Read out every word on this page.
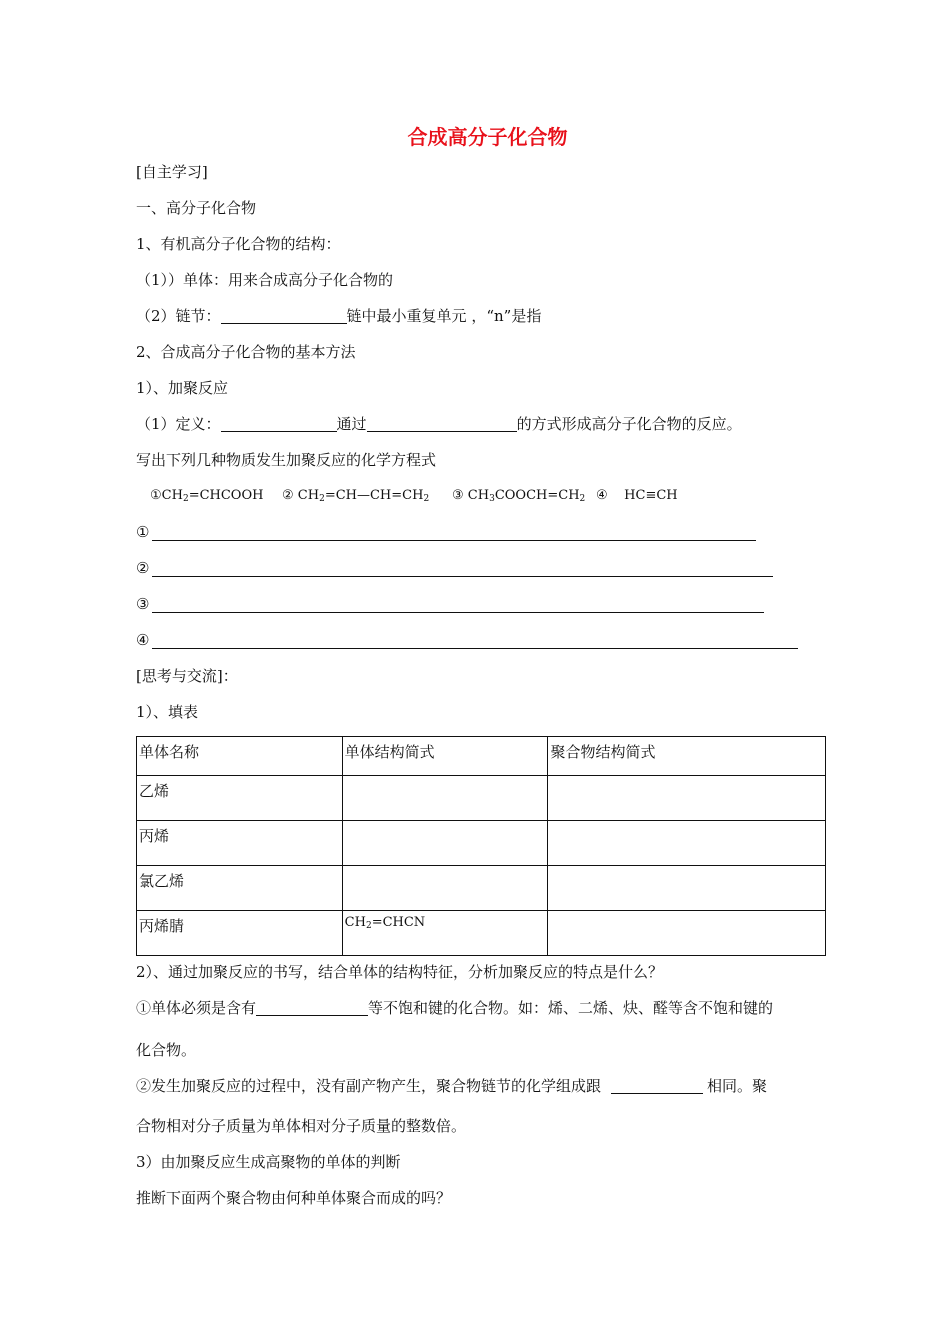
合成高分子化合物
[自主学习]
一、高分子化合物
1、有机高分子化合物的结构：
（1））单体：用来合成高分子化合物的
（2）链节：	链中最小重复单元 ，“n”是指
2、合成高分子化合物的基本方法
1）、加聚反应
（1）定义：	通过	的方式形成高分子化合物的反应。
写出下列几种物质发生加聚反应的化学方程式
$①CH_2=CHCOOH$ ② $CH_2=CH—CH=CH_2$ ③ $CH_3COOCH=CH_2$ ④    HC≡CH
①
②
③
④
[思考与交流]：
1）、填表
单体名称	单体结构简式	聚合物结构简式
乙烯		
丙烯		
氯乙烯		
丙烯腈	$CH_2=CHCN$	
2）、通过加聚反应的书写，结合单体的结构特征，分析加聚反应的特点是什么？
①单体必须是含有	等不饱和键的化合物。如：烯、二烯、炔、醛等含不饱和键的
化合物。
②发生加聚反应的过程中，没有副产物产生，聚合物链节的化学组成跟	相同。聚
合物相对分子质量为单体相对分子质量的整数倍。
3）由加聚反应生成高聚物的单体的判断
推断下面两个聚合物由何种单体聚合而成的吗？
